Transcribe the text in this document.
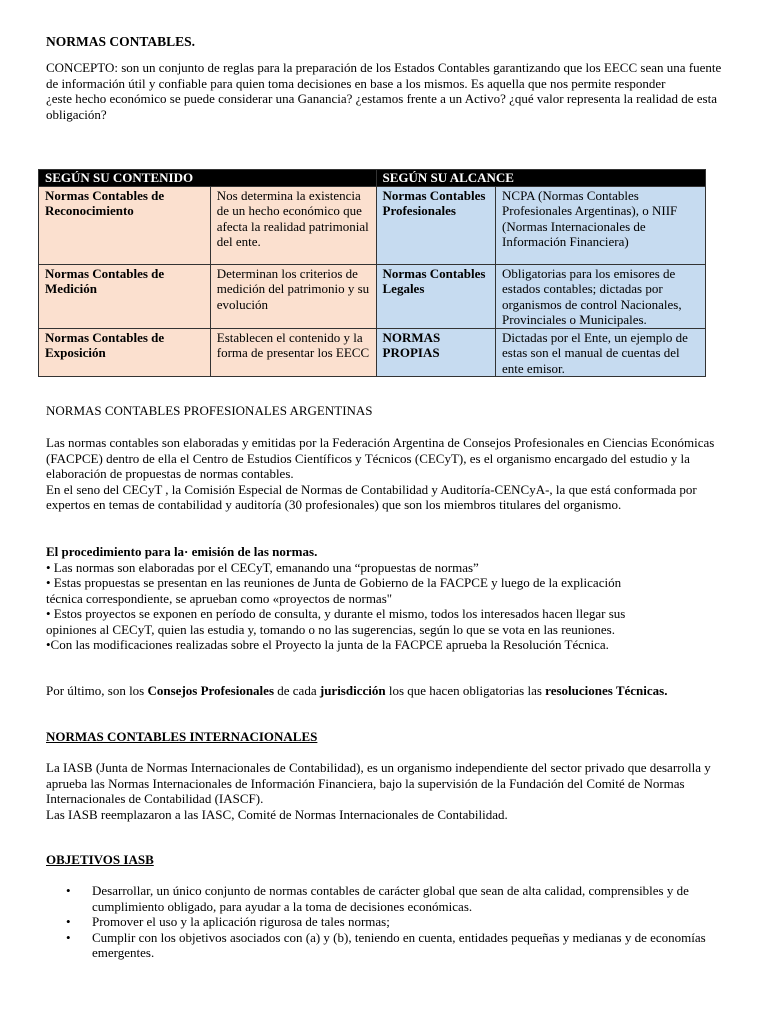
NORMAS CONTABLES.

CONCEPTO: son un conjunto de reglas para la preparación de los Estados Contables garantizando que los EECC sean una fuente de información útil y confiable para quien toma decisiones en base a los mismos. Es aquella que nos permite responder

¿este hecho económico se puede considerar una Ganancia? ¿estamos frente a un Activo? ¿qué valor representa la realidad de esta obligación?

SEGÚN SU CONTENIDO		SEGÚN SU ALCANCE	
Normas Contables de Reconocimiento	Nos determina la existencia de un hecho económico que afecta la realidad patrimonial del ente.	Normas Contables Profesionales	NCPA (Normas Contables Profesionales Argentinas), o NIIF (Normas Internacionales de Información Financiera)
Normas Contables de Medición	Determinan los criterios de medición del patrimonio y su evolución	Normas Contables Legales	Obligatorias para los emisores de estados contables; dictadas por organismos de control Nacionales, Provinciales o Municipales.
Normas Contables de Exposición	Establecen el contenido y la forma de presentar los EECC	NORMAS PROPIAS	Dictadas por el Ente, un ejemplo de estas son el manual de cuentas del ente emisor.
NORMAS CONTABLES PROFESIONALES ARGENTINAS

Las normas contables son elaboradas y emitidas por la Federación Argentina de Consejos Profesionales en Ciencias Económicas (FACPCE) dentro de ella el Centro de Estudios Científicos y Técnicos (CECyT), es el organismo encargado del estudio y la elaboración de propuestas de normas contables.

En el seno del CECyT , la Comisión Especial de Normas de Contabilidad y Auditoría-CENCyA-, la que está conformada por expertos en temas de contabilidad y auditoría (30 profesionales) que son los miembros titulares del organismo.

El procedimiento para la· emisión de las normas.

• Las normas son elaboradas por el CECyT, emanando una “propuestas de normas”

• Estas propuestas se presentan en las reuniones de Junta de Gobierno de la FACPCE y luego de la explicación técnica correspondiente, se aprueban como «proyectos de normas"

• Estos proyectos se exponen en período de consulta, y durante el mismo, todos los interesados hacen llegar sus opiniones al CECyT, quien las estudia y, tomando o no las sugerencias, según lo que se vota en las reuniones.

•Con las modificaciones realizadas sobre el Proyecto la junta de la FACPCE aprueba la Resolución Técnica.

Por último, son los Consejos Profesionales de cada jurisdicción los que hacen obligatorias las resoluciones Técnicas.
NORMAS CONTABLES INTERNACIONALES

La IASB (Junta de Normas Internacionales de Contabilidad), es un organismo independiente del sector privado que desarrolla y aprueba las Normas Internacionales de Información Financiera, bajo la supervisión de la Fundación del Comité de Normas Internacionales de Contabilidad (IASCF).

Las IASB reemplazaron a las IASC, Comité de Normas Internacionales de Contabilidad.

OBJETIVOS IASB
• Desarrollar, un único conjunto de normas contables de carácter global que sean de alta calidad, comprensibles y de cumplimiento obligado, para ayudar a la toma de decisiones económicas.
• Promover el uso y la aplicación rigurosa de tales normas;
• Cumplir con los objetivos asociados con (a) y (b), teniendo en cuenta, entidades pequeñas y medianas y de economías emergentes.
